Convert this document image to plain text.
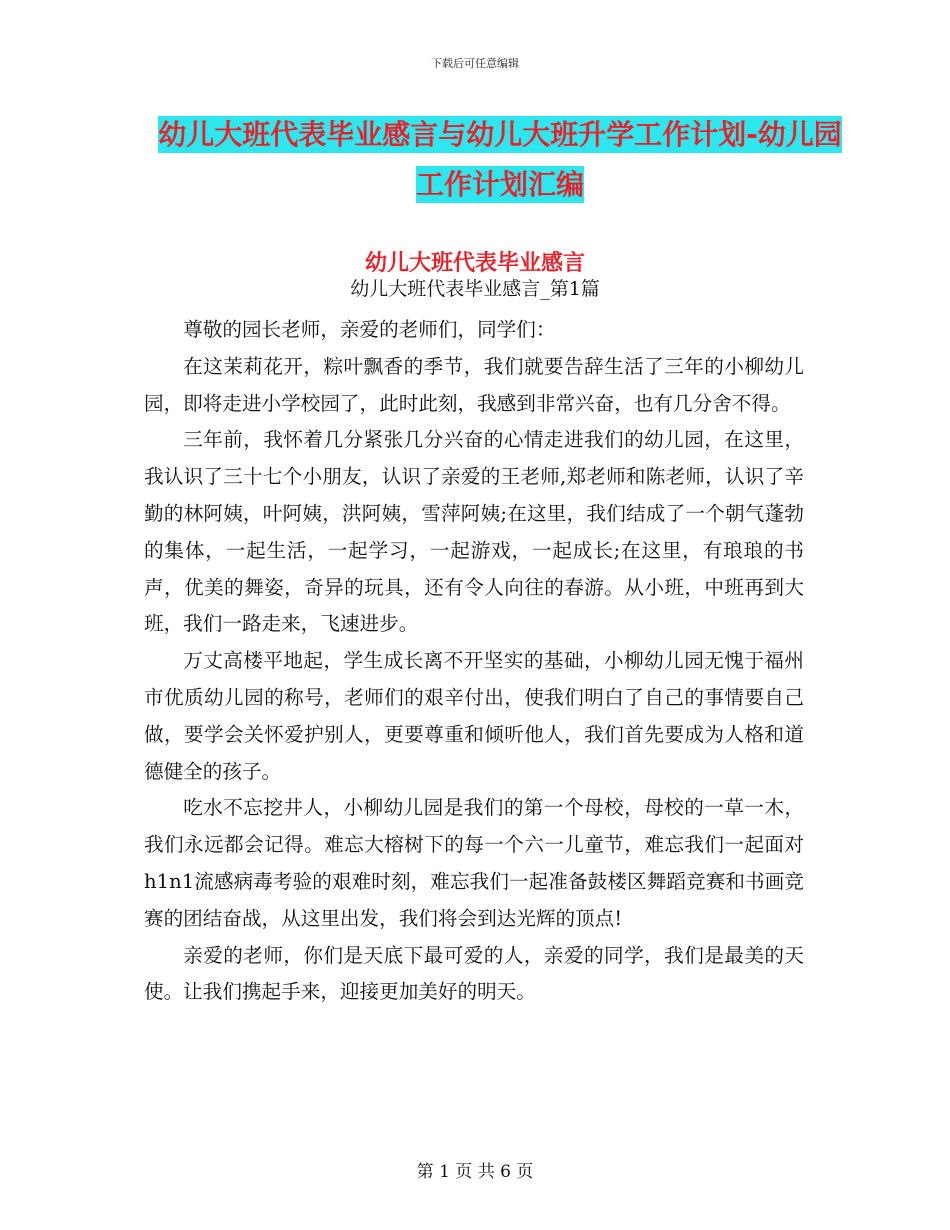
下载后可任意编辑
幼儿大班代表毕业感言与幼儿大班升学工作计划-幼儿园工作计划汇编
幼儿大班代表毕业感言
幼儿大班代表毕业感言_第1篇

尊敬的园长老师，亲爱的老师们，同学们：

在这茉莉花开，粽叶飘香的季节，我们就要告辞生活了三年的小柳幼儿园，即将走进小学校园了，此时此刻，我感到非常兴奋，也有几分舍不得。

三年前，我怀着几分紧张几分兴奋的心情走进我们的幼儿园，在这里，我认识了三十七个小朋友，认识了亲爱的王老师,郑老师和陈老师，认识了辛勤的林阿姨，叶阿姨，洪阿姨，雪萍阿姨;在这里，我们结成了一个朝气蓬勃的集体，一起生活，一起学习，一起游戏，一起成长;在这里，有琅琅的书声，优美的舞姿，奇异的玩具，还有令人向往的春游。从小班，中班再到大班，我们一路走来，飞速进步。

万丈高楼平地起，学生成长离不开坚实的基础，小柳幼儿园无愧于福州市优质幼儿园的称号，老师们的艰辛付出，使我们明白了自己的事情要自己做，要学会关怀爱护别人，更要尊重和倾听他人，我们首先要成为人格和道德健全的孩子。

吃水不忘挖井人，小柳幼儿园是我们的第一个母校，母校的一草一木，我们永远都会记得。难忘大榕树下的每一个六一儿童节，难忘我们一起面对h1n1流感病毒考验的艰难时刻，难忘我们一起准备鼓楼区舞蹈竞赛和书画竞赛的团结奋战，从这里出发，我们将会到达光辉的顶点!

亲爱的老师，你们是天底下最可爱的人，亲爱的同学，我们是最美的天使。让我们携起手来，迎接更加美好的明天。

第 1 页 共 6 页
